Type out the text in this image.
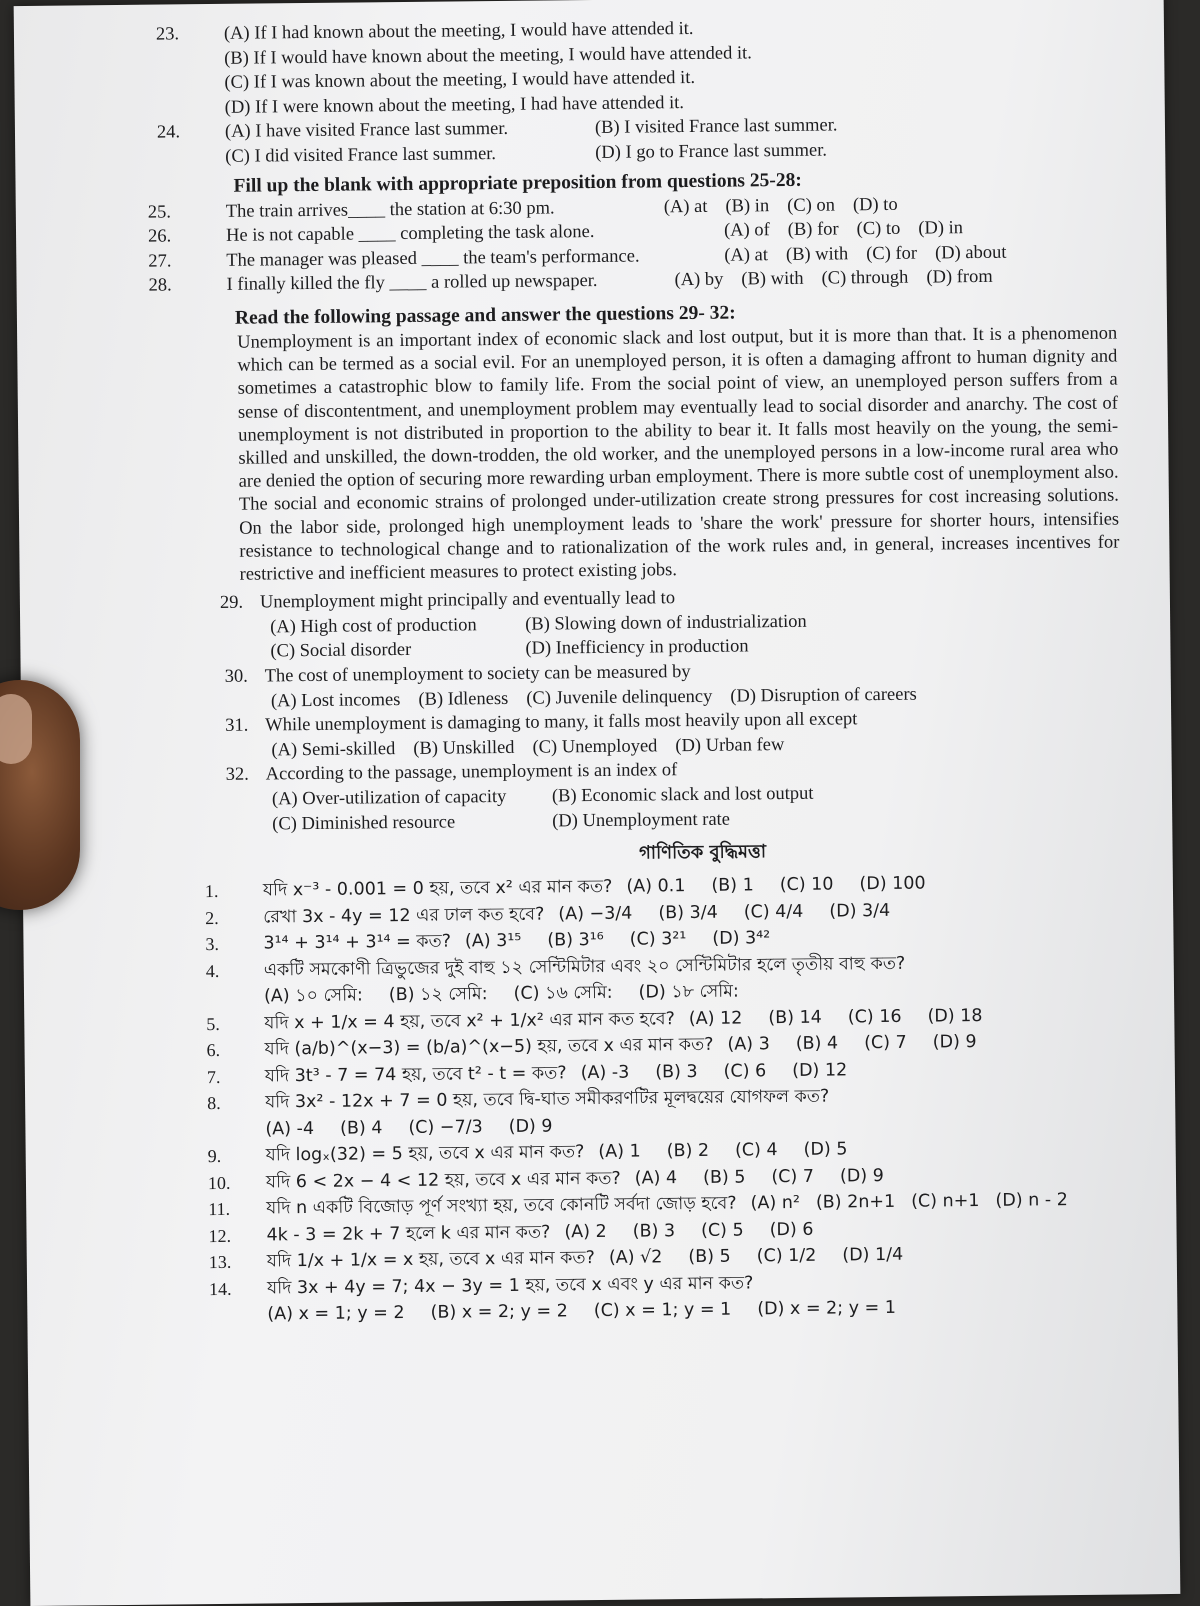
23.	(A) If I had known about the meeting, I would have attended it.
(B) If I would have known about the meeting, I would have attended it.
(C) If I was known about the meeting, I would have attended it.
(D) If I were known about the meeting, I had have attended it.
24.	(A) I have visited France last summer.	(B) I visited France last summer.
(C) I did visited France last summer.	(D) I go to France last summer.
Fill up the blank with appropriate preposition from questions 25-28:
25.	The train arrives____ the station at 6:30 pm.	(A) at (B) in (C) on (D) to
26.	He is not capable ____ completing the task alone.	(A) of (B) for (C) to (D) in
27.	The manager was pleased ____ the team's performance.	(A) at (B) with (C) for (D) about
28.	I finally killed the fly ____ a rolled up newspaper.	(A) by (B) with (C) through (D) from
Read the following passage and answer the questions 29- 32:
Unemployment is an important index of economic slack and lost output, but it is more than that. It is a phenomenon which can be termed as a social evil. For an unemployed person, it is often a damaging affront to human dignity and sometimes a catastrophic blow to family life. From the social point of view, an unemployed person suffers from a sense of discontentment, and unemployment problem may eventually lead to social disorder and anarchy. The cost of unemployment is not distributed in proportion to the ability to bear it. It falls most heavily on the young, the semi-skilled and unskilled, the down-trodden, the old worker, and the unemployed persons in a low-income rural area who are denied the option of securing more rewarding urban employment. There is more subtle cost of unemployment also. The social and economic strains of prolonged under-utilization create strong pressures for cost increasing solutions. On the labor side, prolonged high unemployment leads to 'share the work' pressure for shorter hours, intensifies resistance to technological change and to rationalization of the work rules and, in general, increases incentives for restrictive and inefficient measures to protect existing jobs.
29. Unemployment might principally and eventually lead to
(A) High cost of production	(B) Slowing down of industrialization
(C) Social disorder	(D) Inefficiency in production
30. The cost of unemployment to society can be measured by
(A) Lost incomes (B) Idleness (C) Juvenile delinquency (D) Disruption of careers
31. While unemployment is damaging to many, it falls most heavily upon all except
(A) Semi-skilled (B) Unskilled (C) Unemployed (D) Urban few
32. According to the passage, unemployment is an index of
(A) Over-utilization of capacity	(B) Economic slack and lost output
(C) Diminished resource	(D) Unemployment rate
গাণিতিক বুদ্ধিমত্তা
1.	যদি x⁻³ - 0.001 = 0 হয়, তবে x² এর মান কত? (A) 0.1 (B) 1 (C) 10 (D) 100
2.	রেখা 3x - 4y = 12 এর ঢাল কত হবে? (A) −3/4 (B) 3/4 (C) 4/4 (D) 3/4
3.	3¹⁴ + 3¹⁴ + 3¹⁴ = কত? (A) 3¹⁵ (B) 3¹⁶ (C) 3²¹ (D) 3⁴²
4.	একটি সমকোণী ত্রিভুজের দুই বাহু ১২ সেন্টিমিটার এবং ২০ সেন্টিমিটার হলে তৃতীয় বাহু কত?
(A) ১০ সেমি: (B) ১২ সেমি: (C) ১৬ সেমি: (D) ১৮ সেমি:
5.	যদি x + 1/x = 4 হয়, তবে x² + 1/x² এর মান কত হবে? (A) 12 (B) 14 (C) 16 (D) 18
6.	যদি (a/b)^(x−3) = (b/a)^(x−5) হয়, তবে x এর মান কত? (A) 3 (B) 4 (C) 7 (D) 9
7.	যদি 3t³ - 7 = 74 হয়, তবে t² - t = কত? (A) -3 (B) 3 (C) 6 (D) 12
8.	যদি 3x² - 12x + 7 = 0 হয়, তবে দ্বি-ঘাত সমীকরণটির মূলদ্বয়ের যোগফল কত?
(A) -4 (B) 4 (C) −7/3 (D) 9
9.	যদি logₓ(32) = 5 হয়, তবে x এর মান কত? (A) 1 (B) 2 (C) 4 (D) 5
10.	যদি 6 < 2x − 4 < 12 হয়, তবে x এর মান কত? (A) 4 (B) 5 (C) 7 (D) 9
11.	যদি n একটি বিজোড় পূর্ণ সংখ্যা হয়, তবে কোনটি সর্বদা জোড় হবে? (A) n² (B) 2n+1 (C) n+1 (D) n - 2
12.	4k - 3 = 2k + 7 হলে k এর মান কত? (A) 2 (B) 3 (C) 5 (D) 6
13.	যদি 1/x + 1/x = x হয়, তবে x এর মান কত? (A) √2 (B) 5 (C) 1/2 (D) 1/4
14.	যদি 3x + 4y = 7; 4x − 3y = 1 হয়, তবে x এবং y এর মান কত?
(A) x = 1; y = 2 (B) x = 2; y = 2 (C) x = 1; y = 1 (D) x = 2; y = 1
